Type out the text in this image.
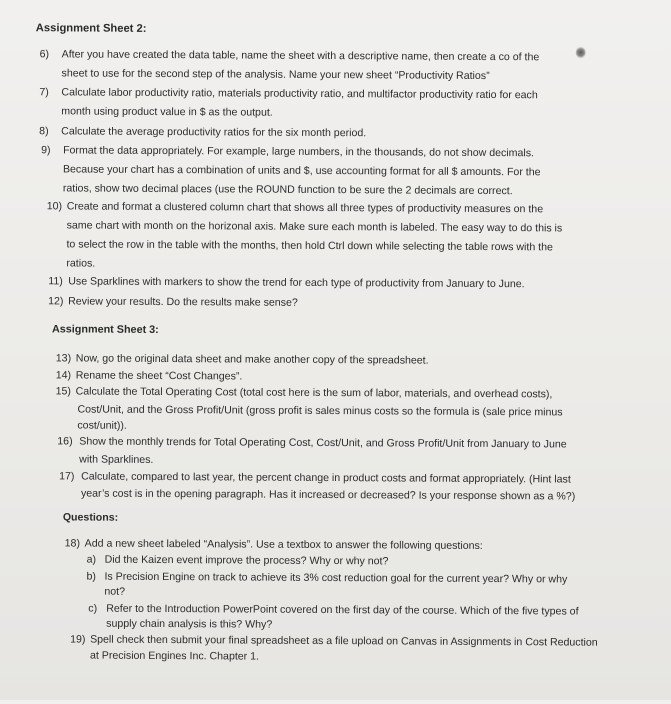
Assignment Sheet 2:
6) After you have created the data table, name the sheet with a descriptive name, then create a co of the
sheet to use for the second step of the analysis. Name your new sheet “Productivity Ratios”
7) Calculate labor productivity ratio, materials productivity ratio, and multifactor productivity ratio for each
month using product value in $ as the output.
8) Calculate the average productivity ratios for the six month period.
9) Format the data appropriately. For example, large numbers, in the thousands, do not show decimals.
Because your chart has a combination of units and $, use accounting format for all $ amounts. For the
ratios, show two decimal places (use the ROUND function to be sure the 2 decimals are correct.
10) Create and format a clustered column chart that shows all three types of productivity measures on the
same chart with month on the horizonal axis. Make sure each month is labeled. The easy way to do this is
to select the row in the table with the months, then hold Ctrl down while selecting the table rows with the
ratios.
11) Use Sparklines with markers to show the trend for each type of productivity from January to June.
12) Review your results. Do the results make sense?
Assignment Sheet 3:
13) Now, go the original data sheet and make another copy of the spreadsheet.
14) Rename the sheet “Cost Changes”.
15) Calculate the Total Operating Cost (total cost here is the sum of labor, materials, and overhead costs),
Cost/Unit, and the Gross Profit/Unit (gross profit is sales minus costs so the formula is (sale price minus
cost/unit)).
16) Show the monthly trends for Total Operating Cost, Cost/Unit, and Gross Profit/Unit from January to June
with Sparklines.
17) Calculate, compared to last year, the percent change in product costs and format appropriately. (Hint last
year’s cost is in the opening paragraph. Has it increased or decreased? Is your response shown as a %?)
Questions:
18) Add a new sheet labeled “Analysis”. Use a textbox to answer the following questions:
a) Did the Kaizen event improve the process? Why or why not?
b) Is Precision Engine on track to achieve its 3% cost reduction goal for the current year? Why or why
not?
c) Refer to the Introduction PowerPoint covered on the first day of the course. Which of the five types of
supply chain analysis is this? Why?
19) Spell check then submit your final spreadsheet as a file upload on Canvas in Assignments in Cost Reduction
at Precision Engines Inc. Chapter 1.
